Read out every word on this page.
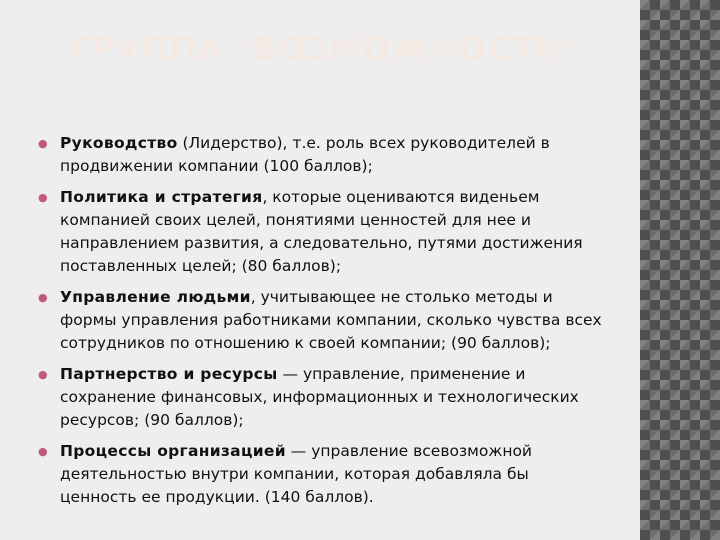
ГРУППА "ВОЗМОЖНОСТИ"
● Руководство (Лидерство), т.е. роль всех руководителей в продвижении компании (100 баллов);
● Политика и стратегия, которые оцениваются виденьем компанией своих целей, понятиями ценностей для нее и направлением развития, а следовательно, путями достижения поставленных целей; (80 баллов);
● Управление людьми, учитывающее не столько методы и формы управления работниками компании, сколько чувства всех сотрудников по отношению к своей компании; (90 баллов);
● Партнерство и ресурсы — управление, применение и сохранение финансовых, информационных и технологических ресурсов; (90 баллов);
● Процессы организацией — управление всевозможной деятельностью внутри компании, которая добавляла бы ценность ее продукции. (140 баллов).
